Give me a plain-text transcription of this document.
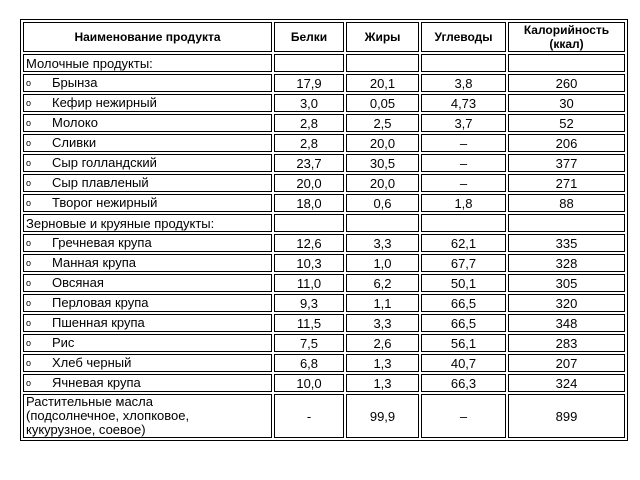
Наименование продукта	Белки	Жиры	Углеводы	Калорийность
(ккал)
Молочные продукты:				
o Брынза	17,9	20,1	3,8	260
o Кефир нежирный	3,0	0,05	4,73	30
o Молоко	2,8	2,5	3,7	52
o Сливки	2,8	20,0	–	206
o Сыр голландский	23,7	30,5	–	377
o Сыр плавленый	20,0	20,0	–	271
o Творог нежирный	18,0	0,6	1,8	88
Зерновые и круяные продукты:				
o Гречневая крупа	12,6	3,3	62,1	335
o Манная крупа	10,3	1,0	67,7	328
o Овсяная	11,0	6,2	50,1	305
o Перловая крупа	9,3	1,1	66,5	320
o Пшенная крупа	11,5	3,3	66,5	348
o Рис	7,5	2,6	56,1	283
o Хлеб черный	6,8	1,3	40,7	207
o Ячневая крупа	10,0	1,3	66,3	324
Растительные масла
(подсолнечное, хлопковое,
кукурузное, соевое)	-	99,9	–	899
